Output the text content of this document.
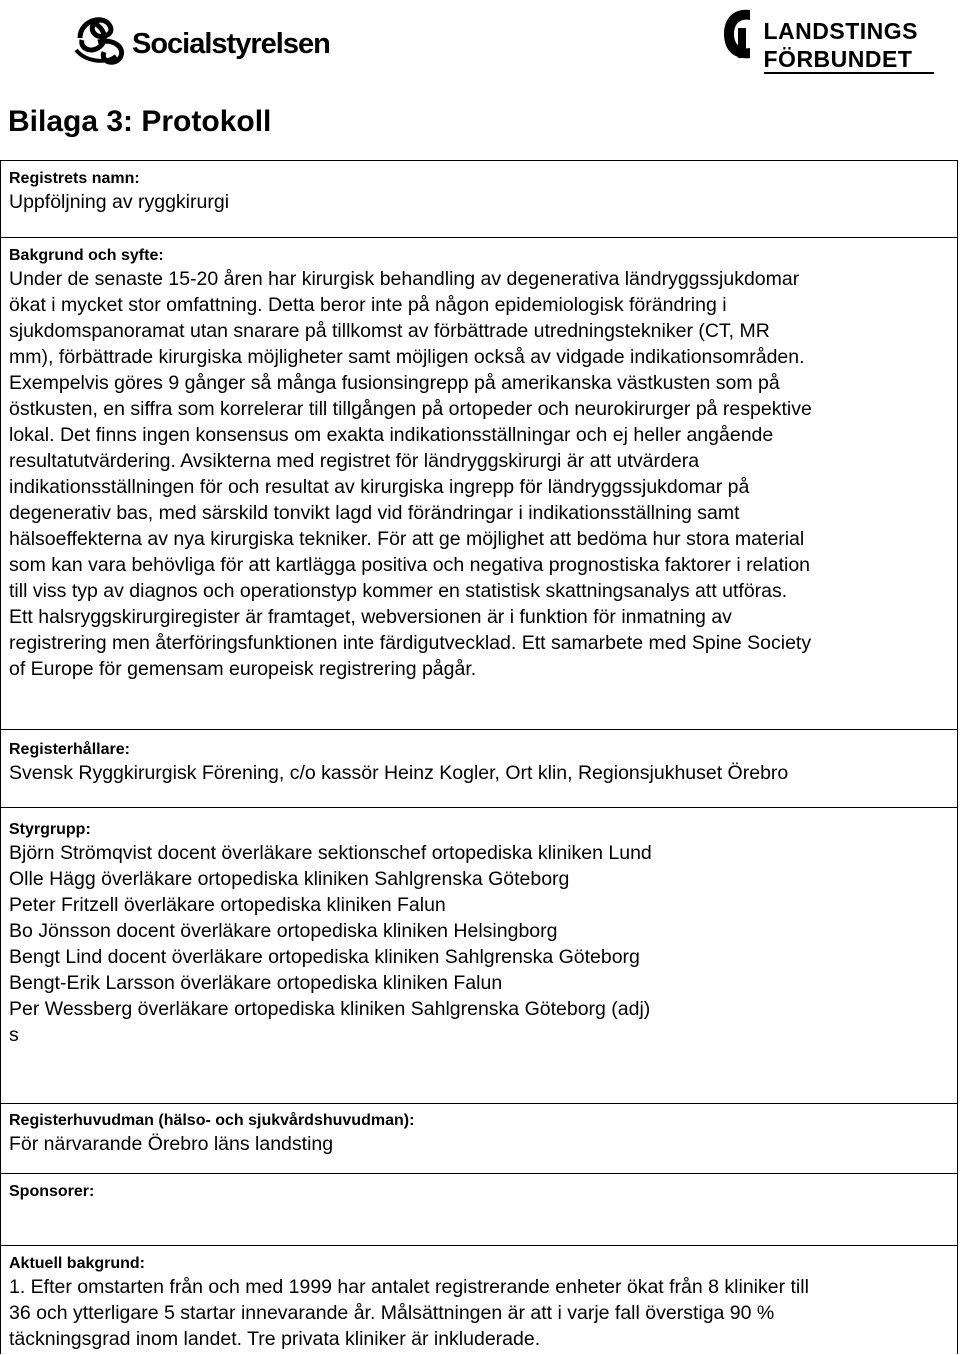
Socialstyrelsen	LANDSTINGS
FÖRBUNDET
Bilaga 3: Protokoll
Registrets namn:
Uppföljning av ryggkirurgi
Bakgrund och syfte:
Under de senaste 15-20 åren har kirurgisk behandling av degenerativa ländryggssjukdomar
ökat i mycket stor omfattning. Detta beror inte på någon epidemiologisk förändring i
sjukdomspanoramat utan snarare på tillkomst av förbättrade utredningstekniker (CT, MR
mm), förbättrade kirurgiska möjligheter samt möjligen också av vidgade indikationsområden.
Exempelvis göres 9 gånger så många fusionsingrepp på amerikanska västkusten som på
östkusten, en siffra som korrelerar till tillgången på ortopeder och neurokirurger på respektive
lokal. Det finns ingen konsensus om exakta indikationsställningar och ej heller angående
resultatutvärdering. Avsikterna med registret för ländryggskirurgi är att utvärdera
indikationsställningen för och resultat av kirurgiska ingrepp för ländryggssjukdomar på
degenerativ bas, med särskild tonvikt lagd vid förändringar i indikationsställning samt
hälsoeffekterna av nya kirurgiska tekniker. För att ge möjlighet att bedöma hur stora material
som kan vara behövliga för att kartlägga positiva och negativa prognostiska faktorer i relation
till viss typ av diagnos och operationstyp kommer en statistisk skattningsanalys att utföras.
Ett halsryggskirurgiregister är framtaget, webversionen är i funktion för inmatning av
registrering men återföringsfunktionen inte färdigutvecklad. Ett samarbete med Spine Society
of Europe för gemensam europeisk registrering pågår.
Registerhållare:
Svensk Ryggkirurgisk Förening, c/o kassör Heinz Kogler, Ort klin, Regionsjukhuset Örebro
Styrgrupp:
Björn Strömqvist docent överläkare sektionschef ortopediska kliniken Lund
Olle Hägg överläkare ortopediska kliniken Sahlgrenska Göteborg
Peter Fritzell överläkare ortopediska kliniken Falun
Bo Jönsson docent överläkare ortopediska kliniken Helsingborg
Bengt Lind docent överläkare ortopediska kliniken Sahlgrenska Göteborg
Bengt-Erik Larsson överläkare ortopediska kliniken Falun
Per Wessberg överläkare ortopediska kliniken Sahlgrenska Göteborg (adj)
s
Registerhuvudman (hälso- och sjukvårdshuvudman):
För närvarande Örebro läns landsting
Sponsorer:
Aktuell bakgrund:
1. Efter omstarten från och med 1999 har antalet registrerande enheter ökat från 8 kliniker till
36 och ytterligare 5 startar innevarande år. Målsättningen är att i varje fall överstiga 90 %
täckningsgrad inom landet. Tre privata kliniker är inkluderade.
